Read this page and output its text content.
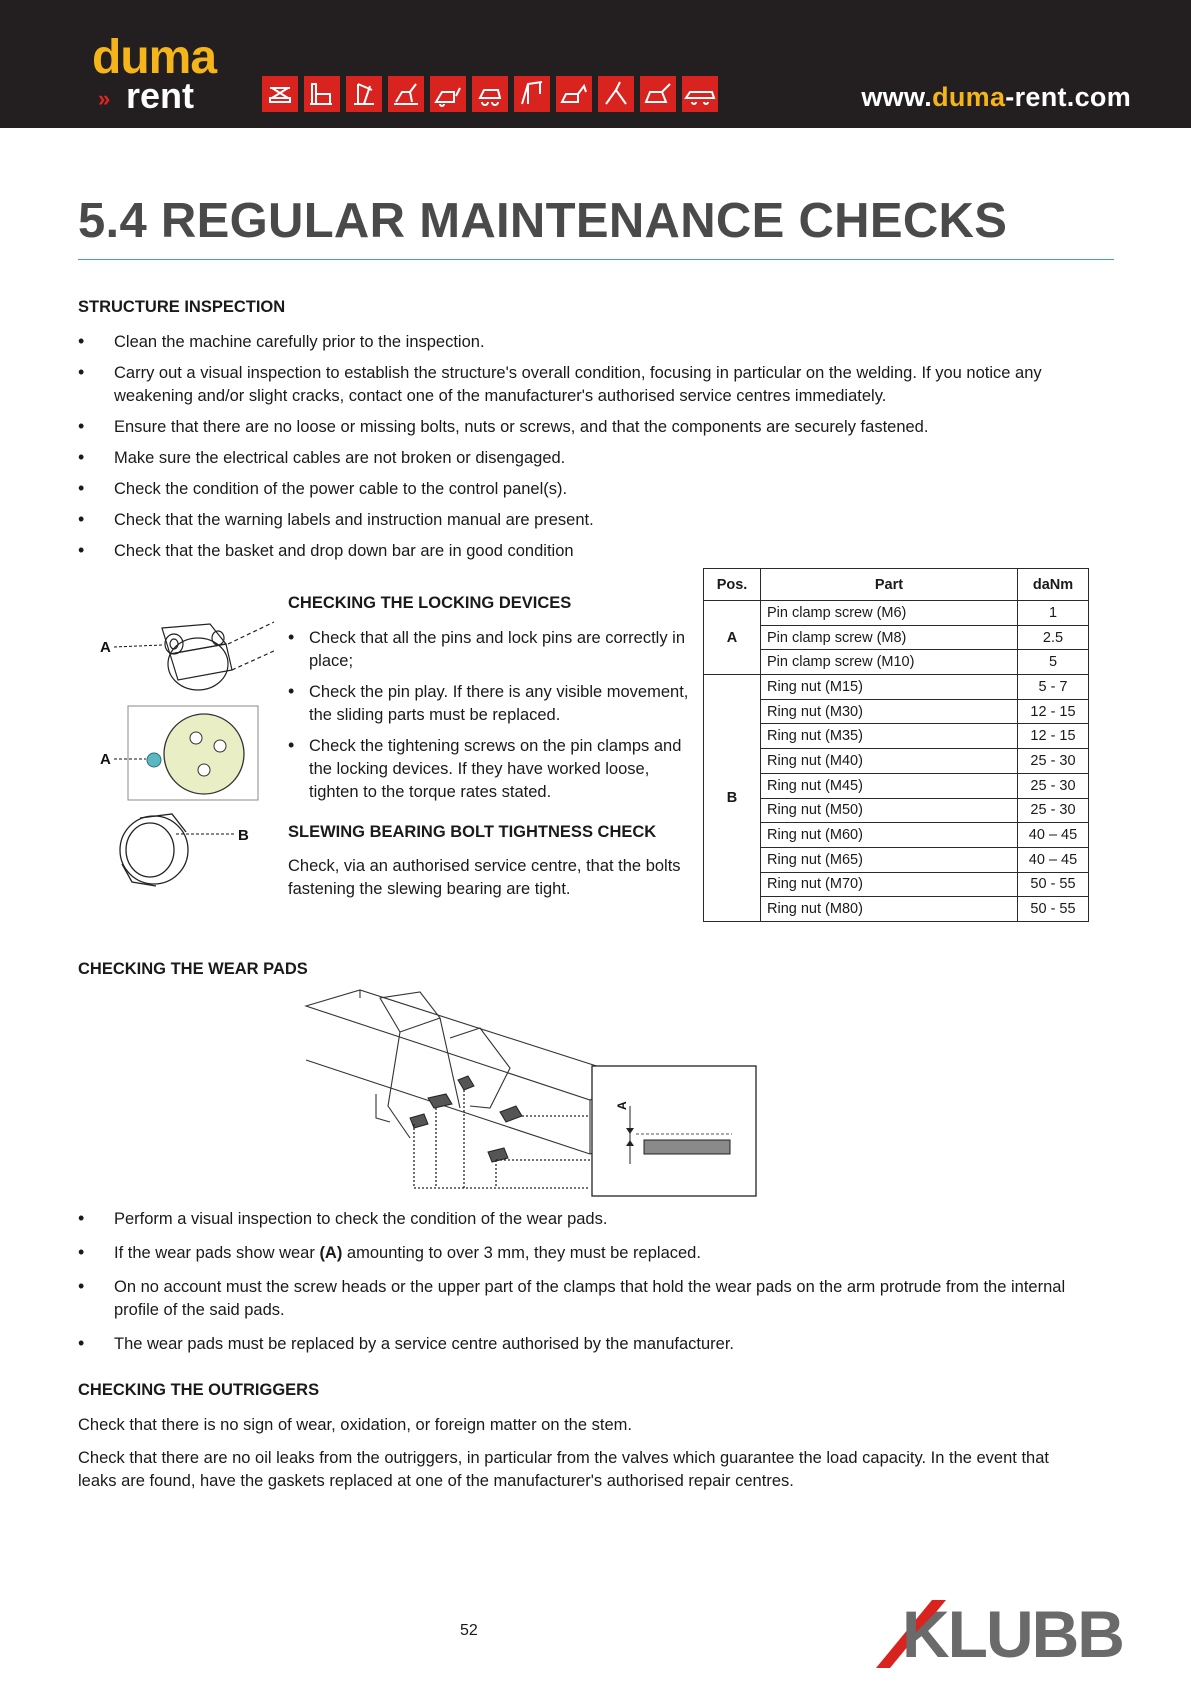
duma
» rent	www.duma-rent.com
5.4 REGULAR MAINTENANCE CHECKS
STRUCTURE INSPECTION
• Clean the machine carefully prior to the inspection.
• Carry out a visual inspection to establish the structure's overall condition, focusing in particular on the welding. If you notice any weakening and/or slight cracks, contact one of the manufacturer's authorised service centres immediately.
• Ensure that there are no loose or missing bolts, nuts or screws, and that the components are securely fastened.
• Make sure the electrical cables are not broken or disengaged.
• Check the condition of the power cable to the control panel(s).
• Check that the warning labels and instruction manual are present.
• Check that the basket and drop down bar are in good condition
A
A
B
CHECKING THE LOCKING DEVICES
• Check that all the pins and lock pins are correctly in place;
• Check the pin play. If there is any visible movement, the sliding parts must be replaced.
• Check the tightening screws on the pin clamps and the locking devices. If they have worked loose, tighten to the torque rates stated.
SLEWING BEARING BOLT TIGHTNESS CHECK

Check, via an authorised service centre, that the bolts fastening the slewing bearing are tight.

Pos.	Part	daNm
A	Pin clamp screw (M6)	1
	Pin clamp screw (M8)	2.5
	Pin clamp screw (M10)	5
B	Ring nut (M15)	5 - 7
	Ring nut (M30)	12 - 15
	Ring nut (M35)	12 - 15
	Ring nut (M40)	25 - 30
	Ring nut (M45)	25 - 30
	Ring nut (M50)	25 - 30
	Ring nut (M60)	40 – 45
	Ring nut (M65)	40 – 45
	Ring nut (M70)	50 - 55
	Ring nut (M80)	50 - 55
CHECKING THE WEAR PADS
A
• Perform a visual inspection to check the condition of the wear pads.
• If the wear pads show wear (A) amounting to over 3 mm, they must be replaced.
• On no account must the screw heads or the upper part of the clamps that hold the wear pads on the arm protrude from the internal profile of the said pads.
• The wear pads must be replaced by a service centre authorised by the manufacturer.
CHECKING THE OUTRIGGERS

Check that there is no sign of wear, oxidation, or foreign matter on the stem.

Check that there are no oil leaks from the outriggers, in particular from the valves which guarantee the load capacity. In the event that leaks are found, have the gaskets replaced at one of the manufacturer's authorised repair centres.

52	KLUBB
